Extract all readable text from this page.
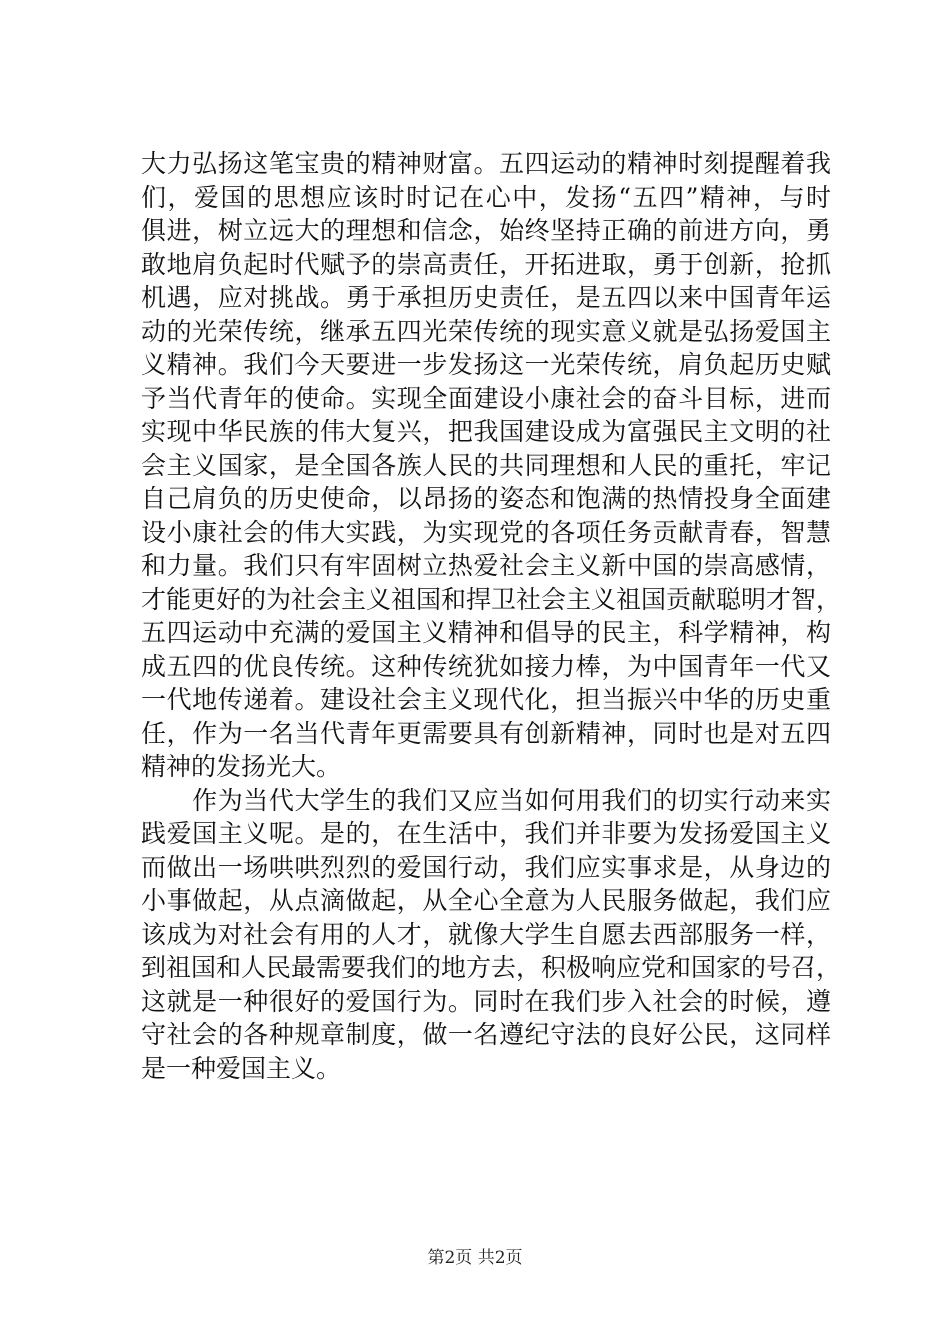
大力弘扬这笔宝贵的精神财富。五四运动的精神时刻提醒着我
们，爱国的思想应该时时记在心中，发扬“五四”精神，与时
俱进，树立远大的理想和信念，始终坚持正确的前进方向，勇
敢地肩负起时代赋予的崇高责任，开拓进取，勇于创新，抢抓
机遇，应对挑战。勇于承担历史责任，是五四以来中国青年运
动的光荣传统，继承五四光荣传统的现实意义就是弘扬爱国主
义精神。我们今天要进一步发扬这一光荣传统，肩负起历史赋
予当代青年的使命。实现全面建设小康社会的奋斗目标，进而
实现中华民族的伟大复兴，把我国建设成为富强民主文明的社
会主义国家，是全国各族人民的共同理想和人民的重托，牢记
自己肩负的历史使命，以昂扬的姿态和饱满的热情投身全面建
设小康社会的伟大实践，为实现党的各项任务贡献青春，智慧
和力量。我们只有牢固树立热爱社会主义新中国的崇高感情，
才能更好的为社会主义祖国和捍卫社会主义祖国贡献聪明才智，
五四运动中充满的爱国主义精神和倡导的民主，科学精神，构
成五四的优良传统。这种传统犹如接力棒，为中国青年一代又
一代地传递着。建设社会主义现代化，担当振兴中华的历史重
任，作为一名当代青年更需要具有创新精神，同时也是对五四
精神的发扬光大。
　　作为当代大学生的我们又应当如何用我们的切实行动来实
践爱国主义呢。是的，在生活中，我们并非要为发扬爱国主义
而做出一场哄哄烈烈的爱国行动，我们应实事求是，从身边的
小事做起，从点滴做起，从全心全意为人民服务做起，我们应
该成为对社会有用的人才，就像大学生自愿去西部服务一样，
到祖国和人民最需要我们的地方去，积极响应党和国家的号召，
这就是一种很好的爱国行为。同时在我们步入社会的时候，遵
守社会的各种规章制度，做一名遵纪守法的良好公民，这同样
是一种爱国主义。
第2页 共2页
